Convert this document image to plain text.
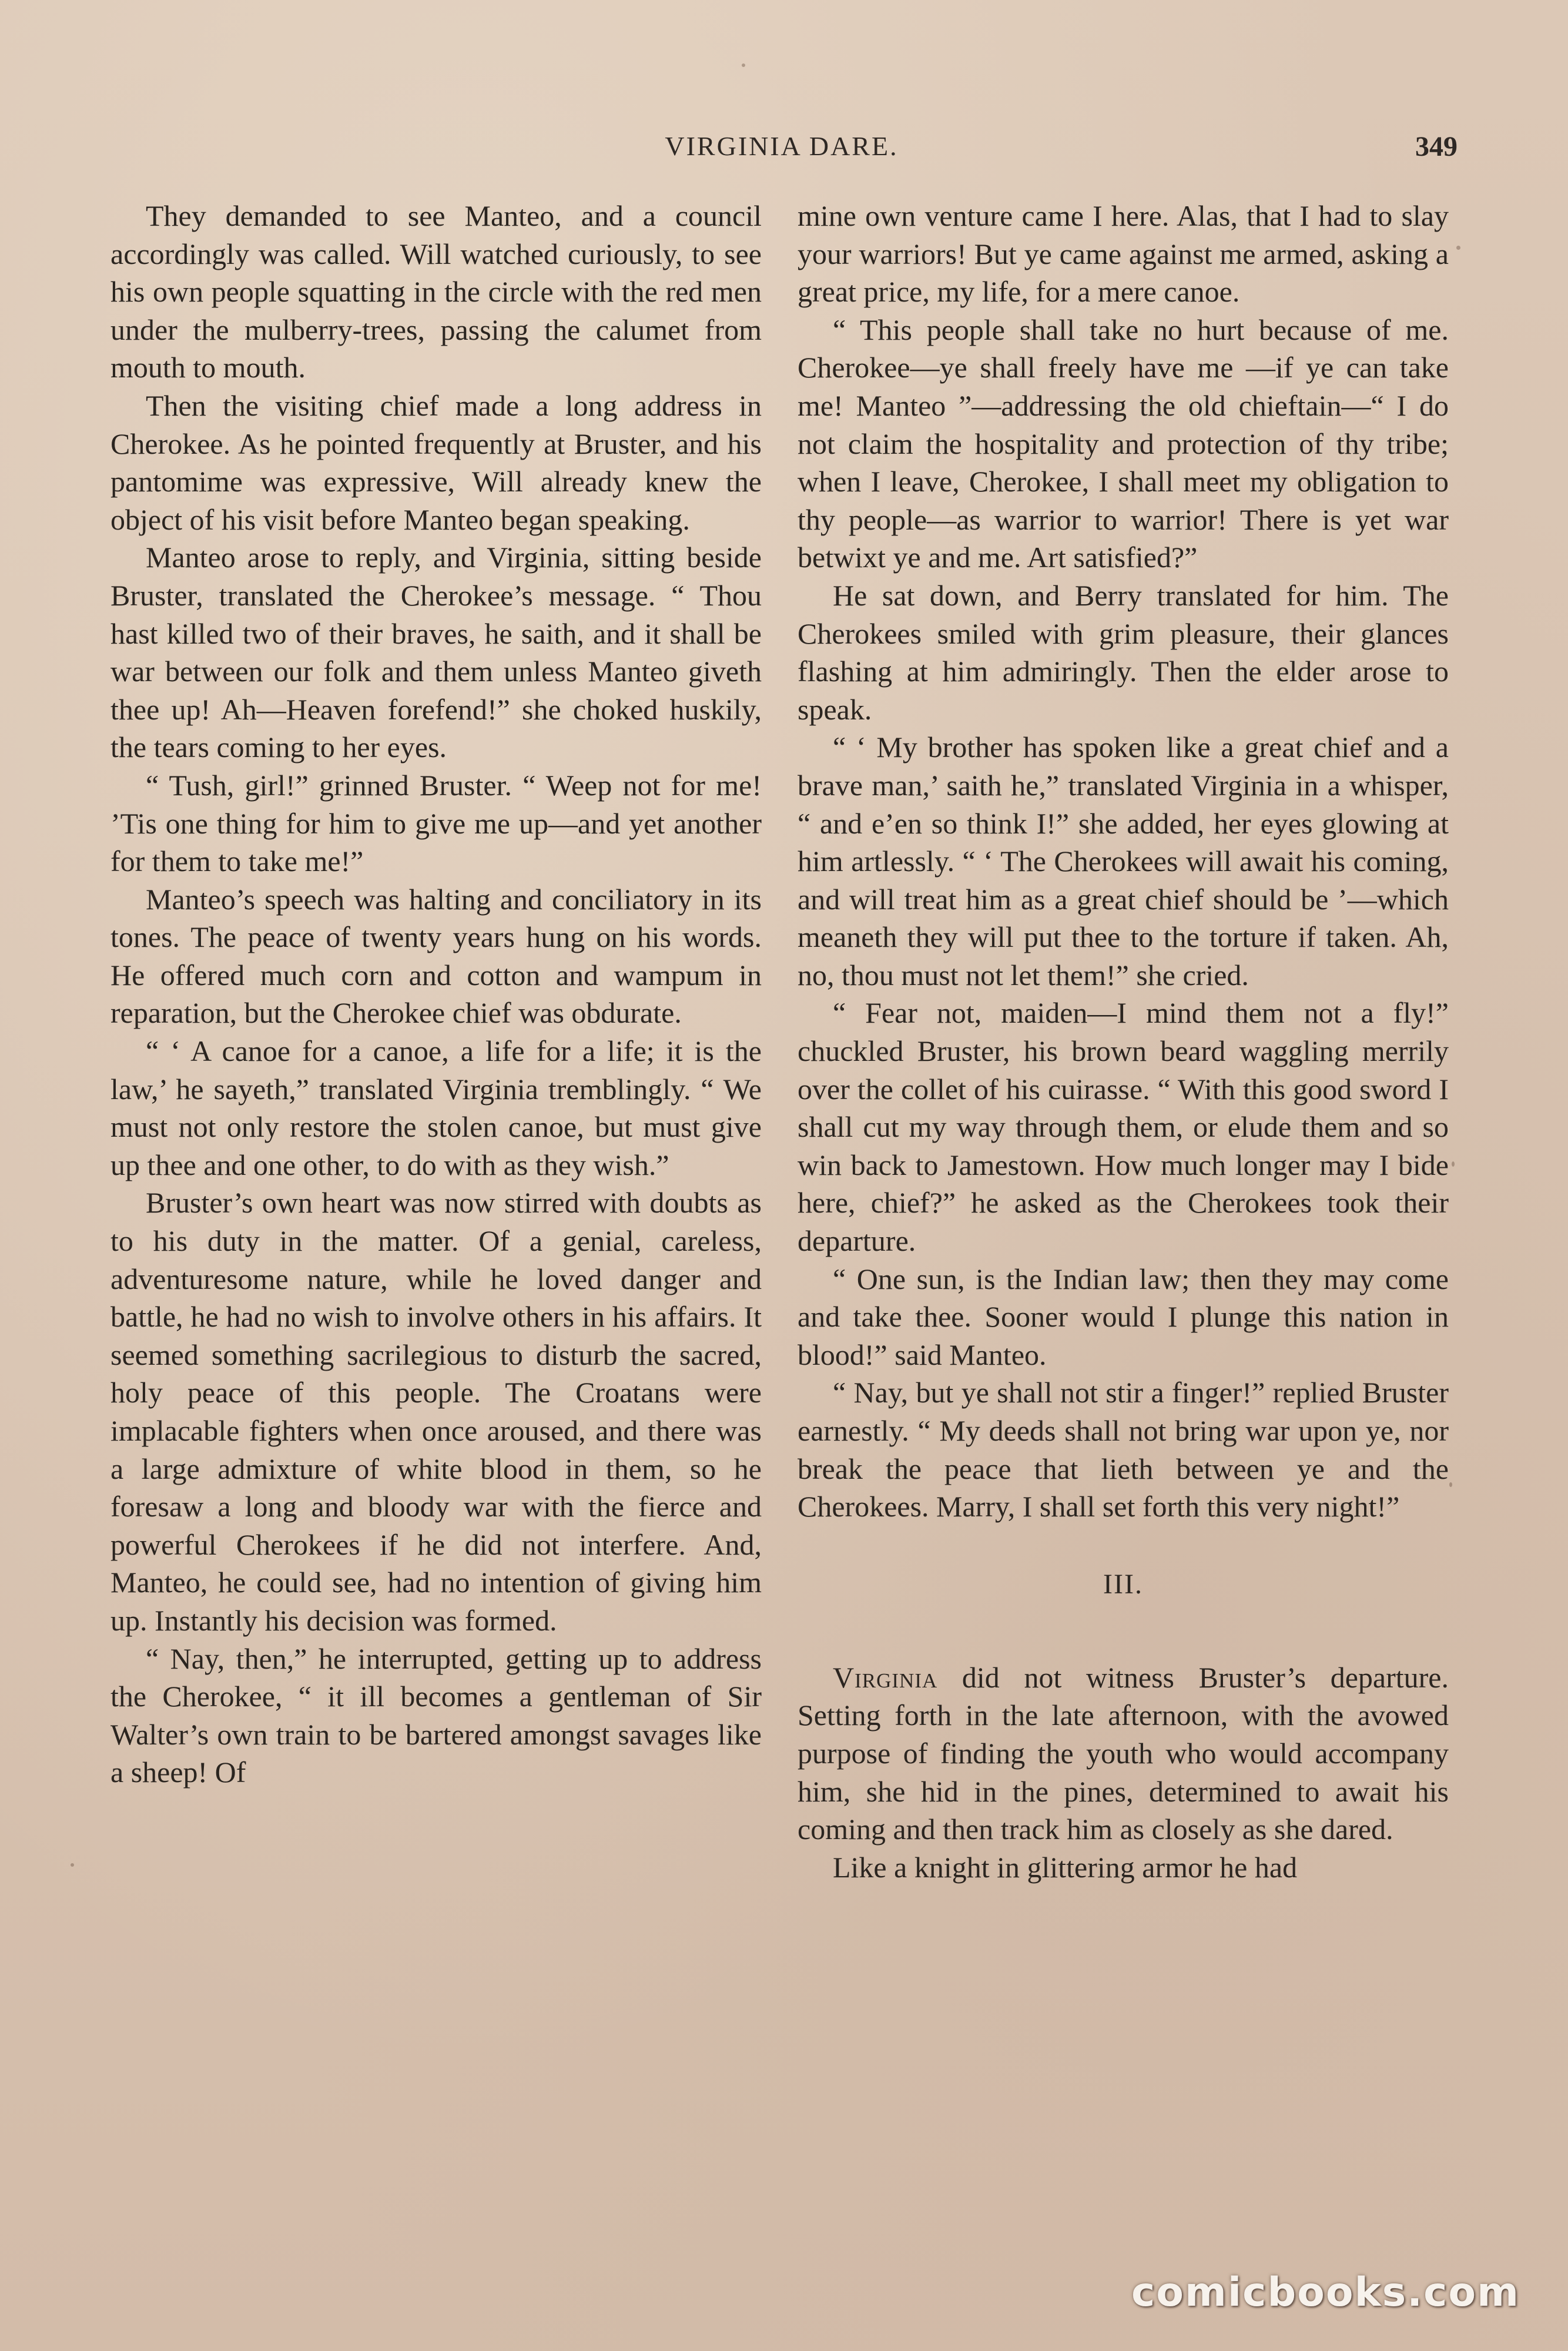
VIRGINIA DARE.	349

They demanded to see Manteo, and a council accordingly was called. Will watched curiously, to see his own people squatting in the circle with the red men under the mulberry-trees, passing the calumet from mouth to mouth.

Then the visiting chief made a long address in Cherokee. As he pointed frequently at Bruster, and his pantomime was expressive, Will already knew the object of his visit before Manteo began speaking.

Manteo arose to reply, and Virginia, sitting beside Bruster, translated the Cherokee’s message. “ Thou hast killed two of their braves, he saith, and it shall be war between our folk and them unless Manteo giveth thee up! Ah—Heaven forefend!” she choked huskily, the tears coming to her eyes.

“ Tush, girl!” grinned Bruster. “ Weep not for me! ’Tis one thing for him to give me up—and yet another for them to take me!”

Manteo’s speech was halting and conciliatory in its tones. The peace of twenty years hung on his words. He offered much corn and cotton and wampum in reparation, but the Cherokee chief was obdurate.

“ ‘ A canoe for a canoe, a life for a life; it is the law,’ he sayeth,” translated Virginia tremblingly. “ We must not only restore the stolen canoe, but must give up thee and one other, to do with as they wish.”

Bruster’s own heart was now stirred with doubts as to his duty in the matter. Of a genial, careless, adventuresome nature, while he loved danger and battle, he had no wish to involve others in his affairs. It seemed something sacrilegious to disturb the sacred, holy peace of this people. The Croatans were implacable fighters when once aroused, and there was a large admixture of white blood in them, so he foresaw a long and bloody war with the fierce and powerful Cherokees if he did not interfere. And, Manteo, he could see, had no intention of giving him up. Instantly his decision was formed.

“ Nay, then,” he interrupted, getting up to address the Cherokee, “ it ill becomes a gentleman of Sir Walter’s own train to be bartered amongst savages like a sheep! Of

mine own venture came I here. Alas, that I had to slay your warriors! But ye came against me armed, asking a great price, my life, for a mere canoe.

“ This people shall take no hurt because of me. Cherokee—ye shall freely have me —if ye can take me! Manteo ”—addressing the old chieftain—“ I do not claim the hospitality and protection of thy tribe; when I leave, Cherokee, I shall meet my obligation to thy people—as warrior to warrior! There is yet war betwixt ye and me. Art satisfied?”

He sat down, and Berry translated for him. The Cherokees smiled with grim pleasure, their glances flashing at him admiringly. Then the elder arose to speak.

“ ‘ My brother has spoken like a great chief and a brave man,’ saith he,” translated Virginia in a whisper, “ and e’en so think I!” she added, her eyes glowing at him artlessly. “ ‘ The Cherokees will await his coming, and will treat him as a great chief should be ’—which meaneth they will put thee to the torture if taken. Ah, no, thou must not let them!” she cried.

“ Fear not, maiden—I mind them not a fly!” chuckled Bruster, his brown beard waggling merrily over the collet of his cuirasse. “ With this good sword I shall cut my way through them, or elude them and so win back to Jamestown. How much longer may I bide here, chief?” he asked as the Cherokees took their departure.

“ One sun, is the Indian law; then they may come and take thee. Sooner would I plunge this nation in blood!” said Manteo.

“ Nay, but ye shall not stir a finger!” replied Bruster earnestly. “ My deeds shall not bring war upon ye, nor break the peace that lieth between ye and the Cherokees. Marry, I shall set forth this very night!”

III.

Virginia did not witness Bruster’s departure. Setting forth in the late afternoon, with the avowed purpose of finding the youth who would accompany him, she hid in the pines, determined to await his coming and then track him as closely as she dared.

Like a knight in glittering armor he had

comicbooks.com
